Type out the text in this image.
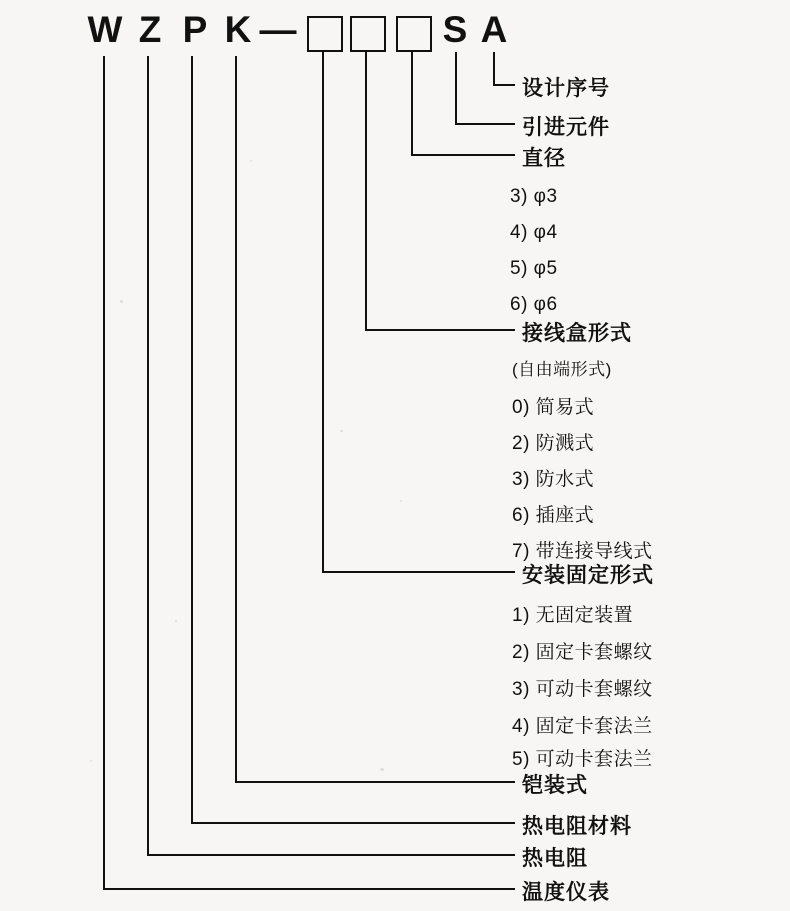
W Z P K —	S A
设计序号
引进元件
直径
3) φ3
4) φ4
5) φ5
6) φ6
接线盒形式
(自由端形式)
0) 简易式
2) 防溅式
3) 防水式
6) 插座式
7) 带连接导线式
安装固定形式
1) 无固定装置
2) 固定卡套螺纹
3) 可动卡套螺纹
4) 固定卡套法兰
5) 可动卡套法兰
铠装式
热电阻材料
热电阻
温度仪表
